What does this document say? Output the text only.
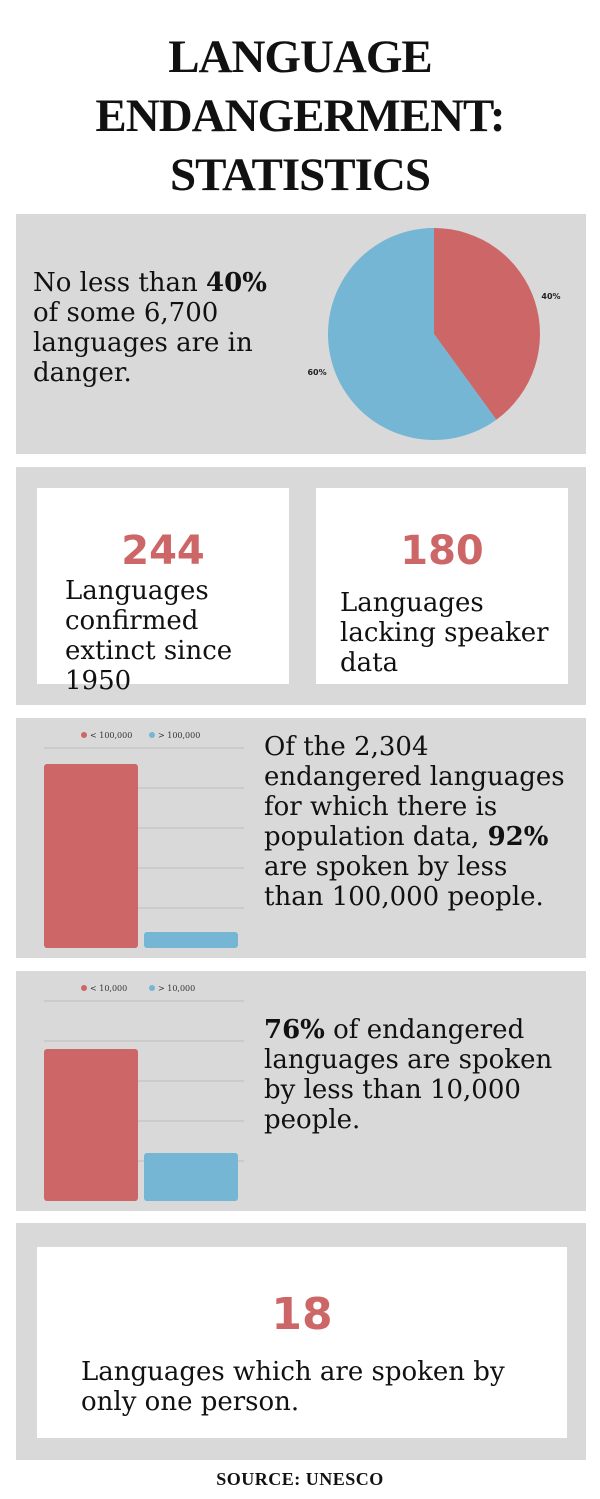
LANGUAGE
ENDANGERMENT:
STATISTICS
No less than 40% of some 6,700 languages are in danger.
40%
60%
244
Languages confirmed extinct since 1950
180
Languages lacking speaker data
< 100,000	> 100,000 Of the 2,304 endangered languages for which there is population data, 92% are spoken by less than 100,000 people.
< 10,000	> 10,000
76% of endangered languages are spoken by less than 10,000 people.
18
Languages which are spoken by only one person.
SOURCE: UNESCO
